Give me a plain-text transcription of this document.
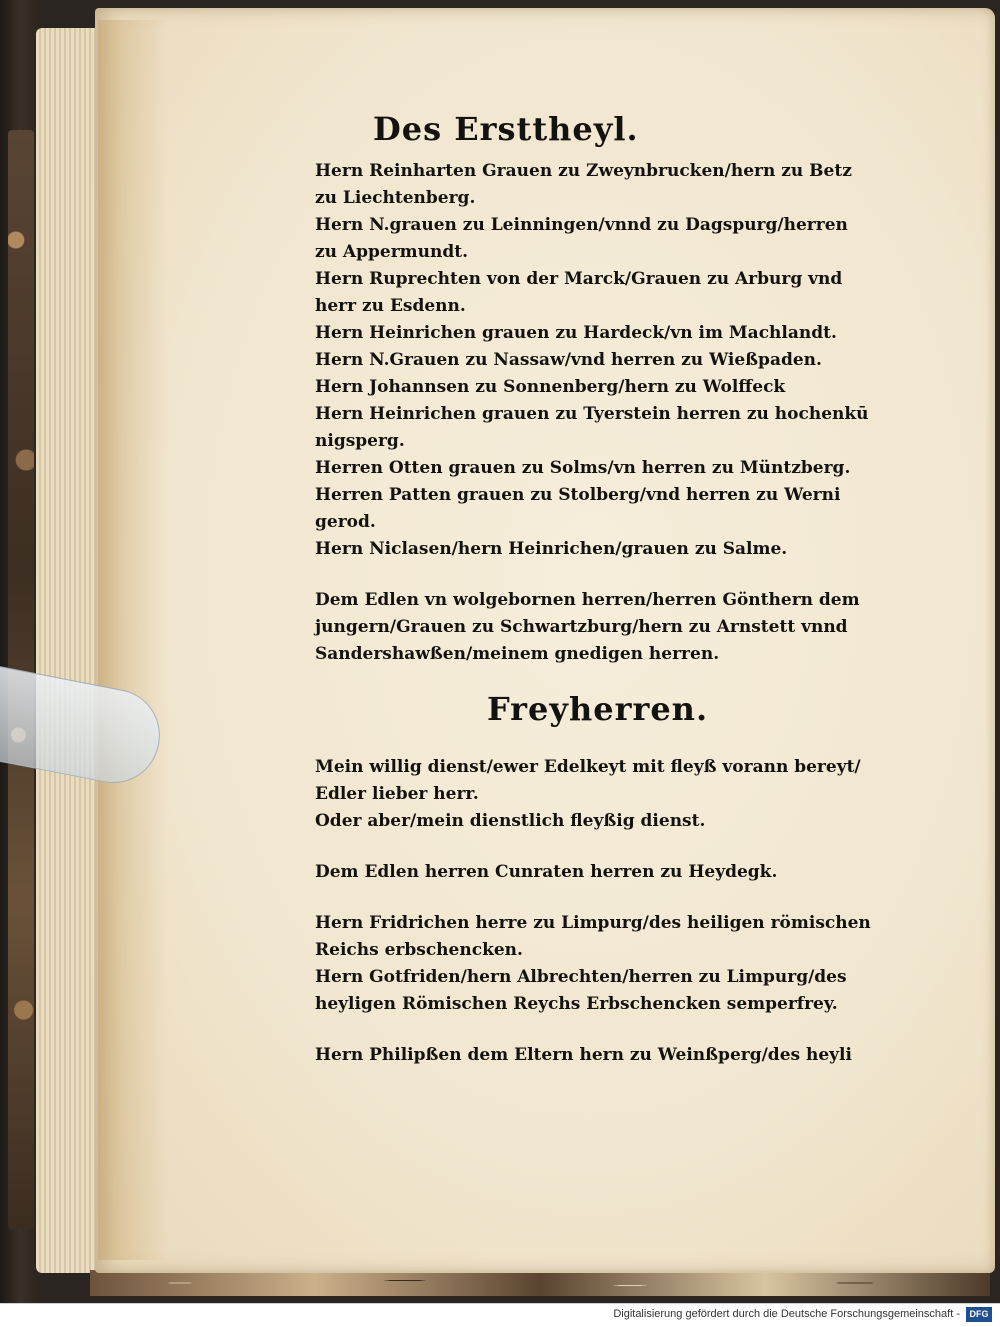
Des Ersttheyl.
Hern Reinharten Grauen zu Zweynbrucken/hern zu Betz
zu Liechtenberg.
Hern N.grauen zu Leinningen/vnnd zu Dagspurg/herren
zu Appermundt.
Hern Ruprechten von der Marck/Grauen zu Arburg vnd
herr zu Esdenn.
Hern Heinrichen grauen zu Hardeck/vn im Machlandt.
Hern N.Grauen zu Nassaw/vnd herren zu Wießpaden.
Hern Johannsen zu Sonnenberg/hern zu Wolffeck
Hern Heinrichen grauen zu Tyerstein herren zu hochenkū
nigsperg.
Herren Otten grauen zu Solms/vn herren zu Müntzberg.
Herren Patten grauen zu Stolberg/vnd herren zu Werni
gerod.
Hern Niclasen/hern Heinrichen/grauen zu Salme.
Dem Edlen vn wolgebornen herren/herren Gönthern dem
jungern/Grauen zu Schwartzburg/hern zu Arnstett vnnd
Sandershawßen/meinem gnedigen herren.
Freyherren.
Mein willig dienst/ewer Edelkeyt mit fleyß vorann bereyt/
Edler lieber herr.
Oder aber/mein dienstlich fleyßig dienst.
Dem Edlen herren Cunraten herren zu Heydegk.
Hern Fridrichen herre zu Limpurg/des heiligen römischen
Reichs erbschencken.
Hern Gotfriden/hern Albrechten/herren zu Limpurg/des
heyligen Römischen Reychs Erbschencken semperfrey.
Hern Philipßen dem Eltern hern zu Weinßperg/des heyli
Digitalisierung gefördert durch die Deutsche Forschungsgemeinschaft -	DFG
